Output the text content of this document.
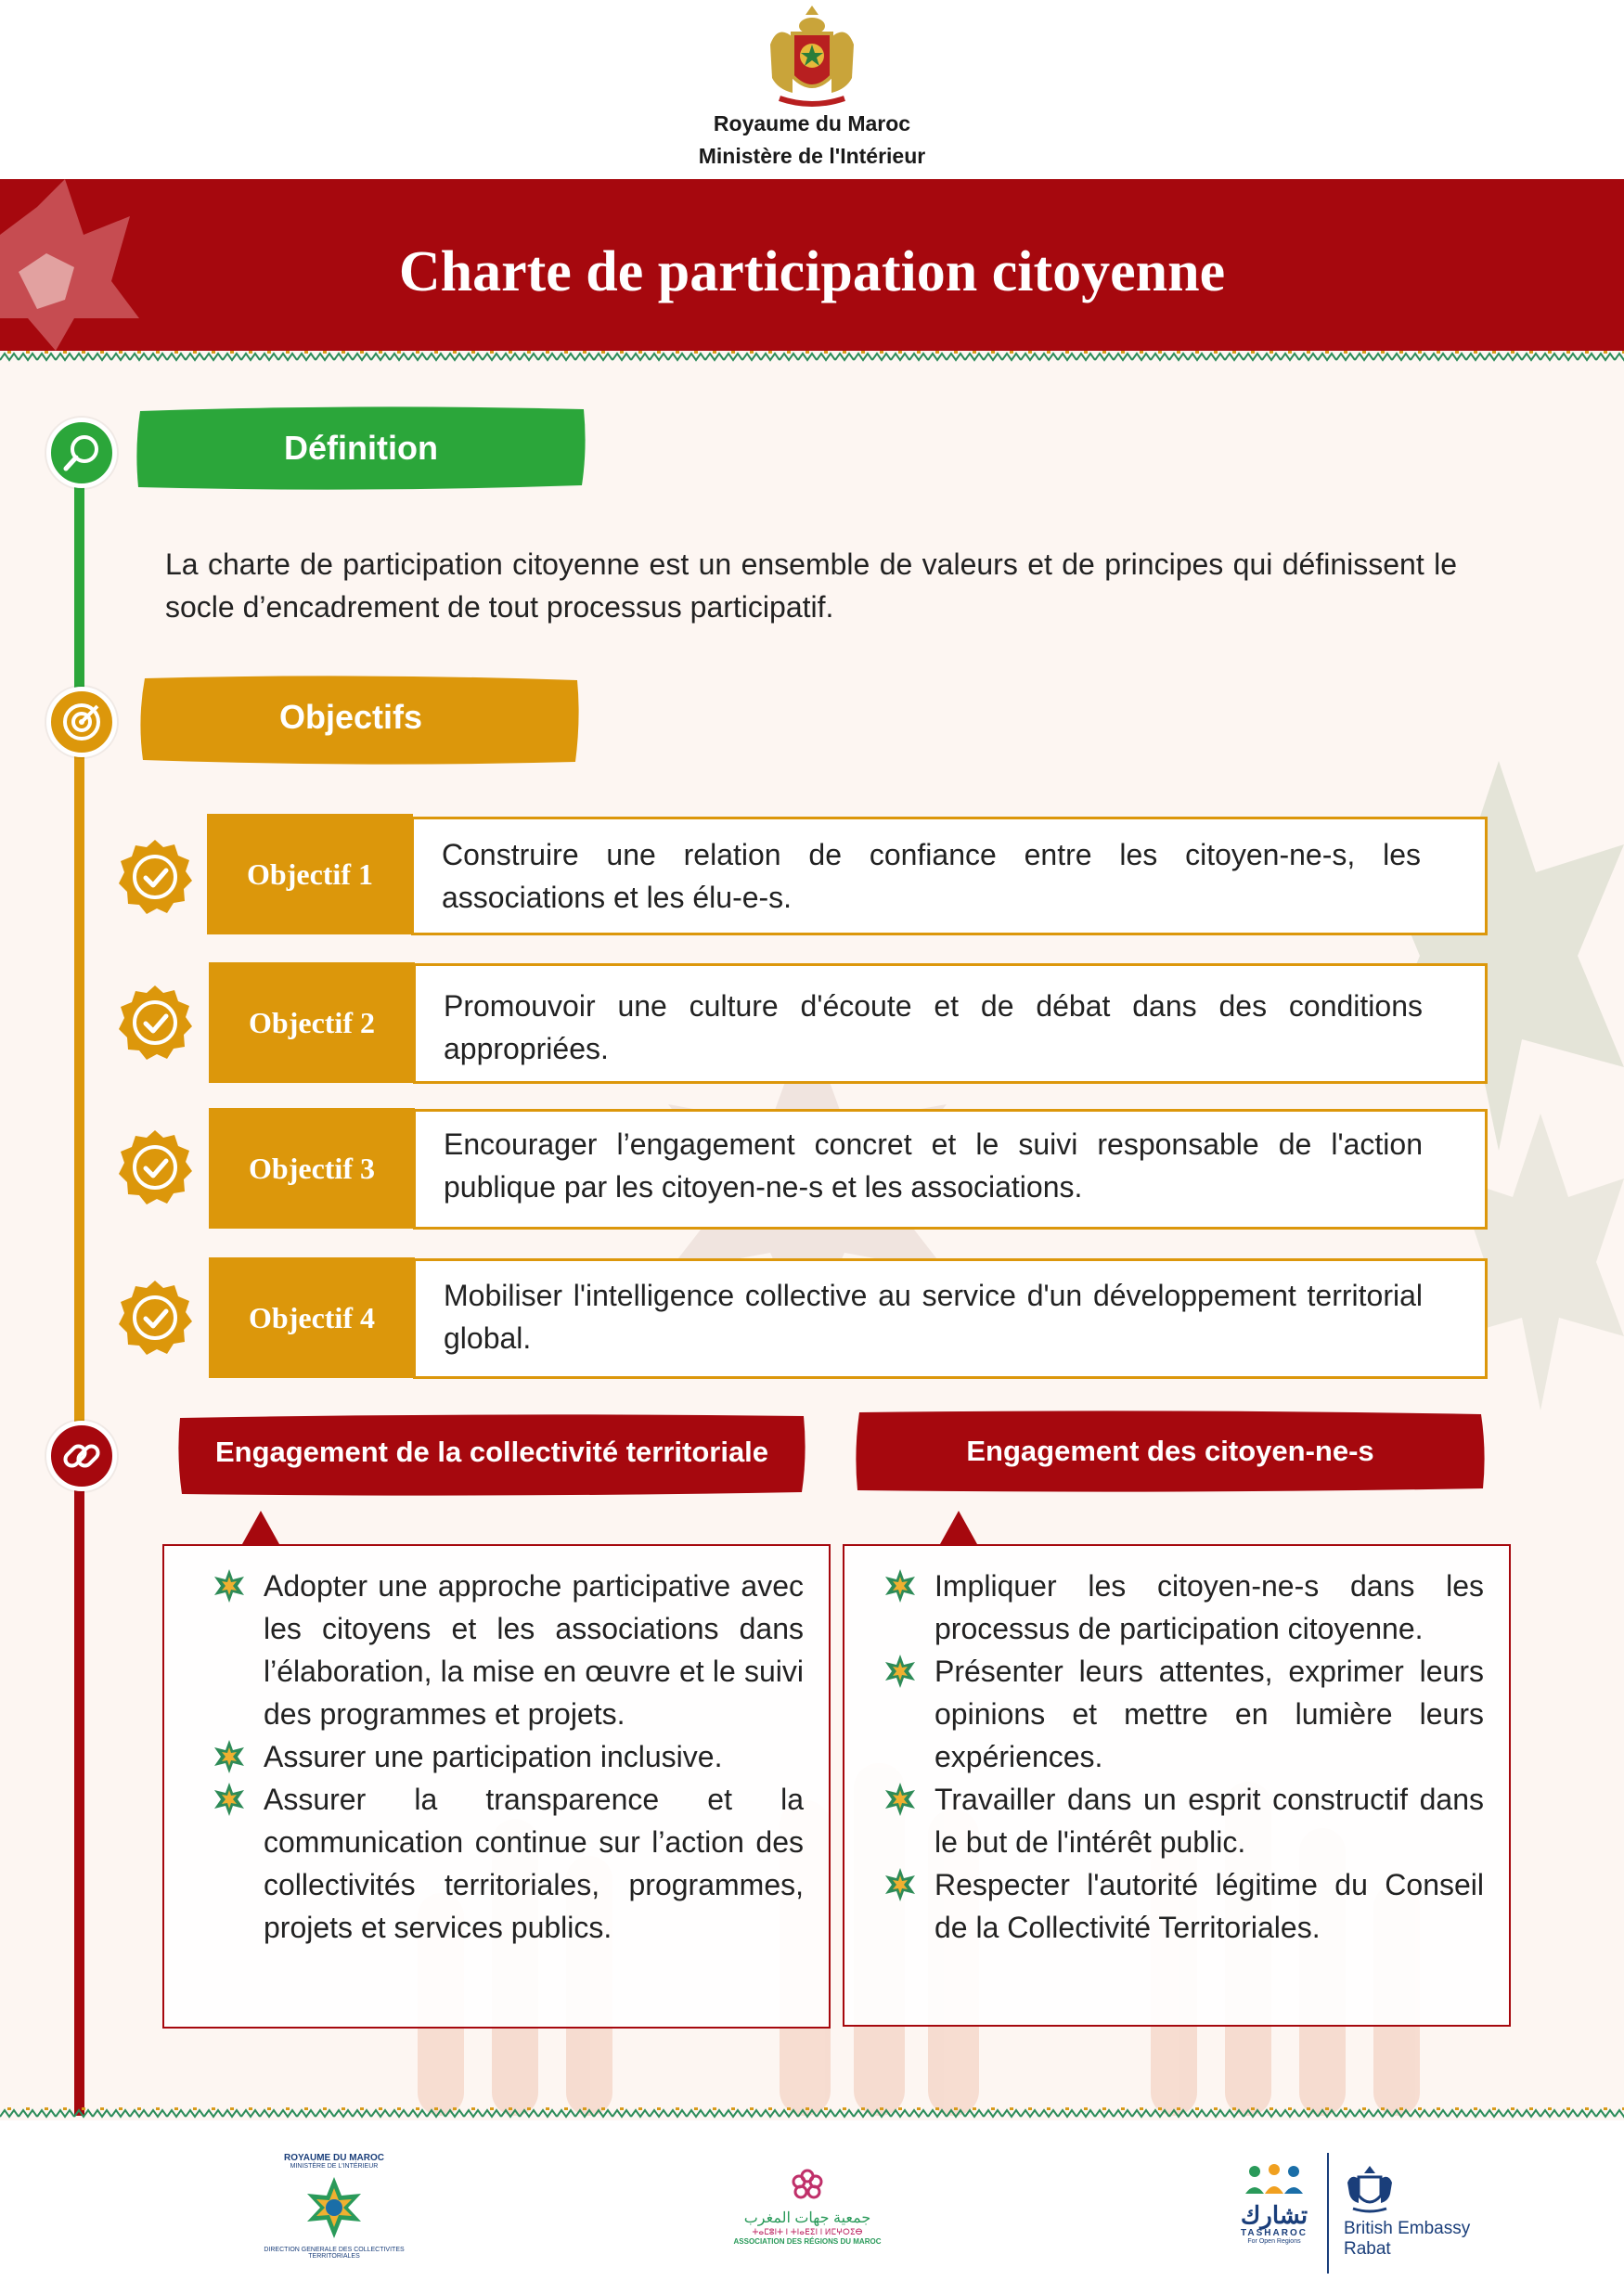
Royaume du Maroc
Ministère de l'Intérieur
Charte de participation citoyenne
Définition
La charte de participation citoyenne est un ensemble de valeurs et de principes qui définissent le socle d’encadrement de tout processus participatif.
Objectifs
Objectif 1
Construire une relation de confiance entre les citoyen-ne-s, les associations et les élu-e-s.
Objectif 2	Promouvoir une culture d'écoute et de débat dans des conditions appropriées.
Objectif 3
Encourager l’engagement concret et le suivi responsable de l'action publique par les citoyen-ne-s et les associations.
Objectif 4
Mobiliser l'intelligence collective au service d'un développement territorial global.
Engagement de la collectivité territoriale	Engagement des citoyen-ne-s
Adopter une approche participative avec les citoyens et les associations dans l’élaboration, la mise en œuvre et le suivi des programmes et projets.
Assurer une participation inclusive.
Assurer la transparence et la communication continue sur l’action des collectivités territoriales, programmes, projets et services publics.
Impliquer les citoyen-ne-s dans les processus de participation citoyenne.
Présenter leurs attentes, exprimer leurs opinions et mettre en lumière leurs expériences.
Travailler dans un esprit constructif dans le but de l'intérêt public.
Respecter l'autorité légitime du Conseil de la Collectivité Territoriales.
ROYAUME DU MAROC
MINISTÈRE DE L'INTÉRIEUR
DIRECTION GENERALE DES COLLECTIVITES TERRITORIALES
جمعية جهات المغرب
ⵜⴰⵎⵓⵏⵜ ⵏ ⵜⵏⴰⴹⵉⵏ ⵏ ⵍⵎⵖⵔⵉⴱ
ASSOCIATION DES RÉGIONS DU MAROC
تشارك
TASHAROC
For Open Regions
British Embassy
Rabat
